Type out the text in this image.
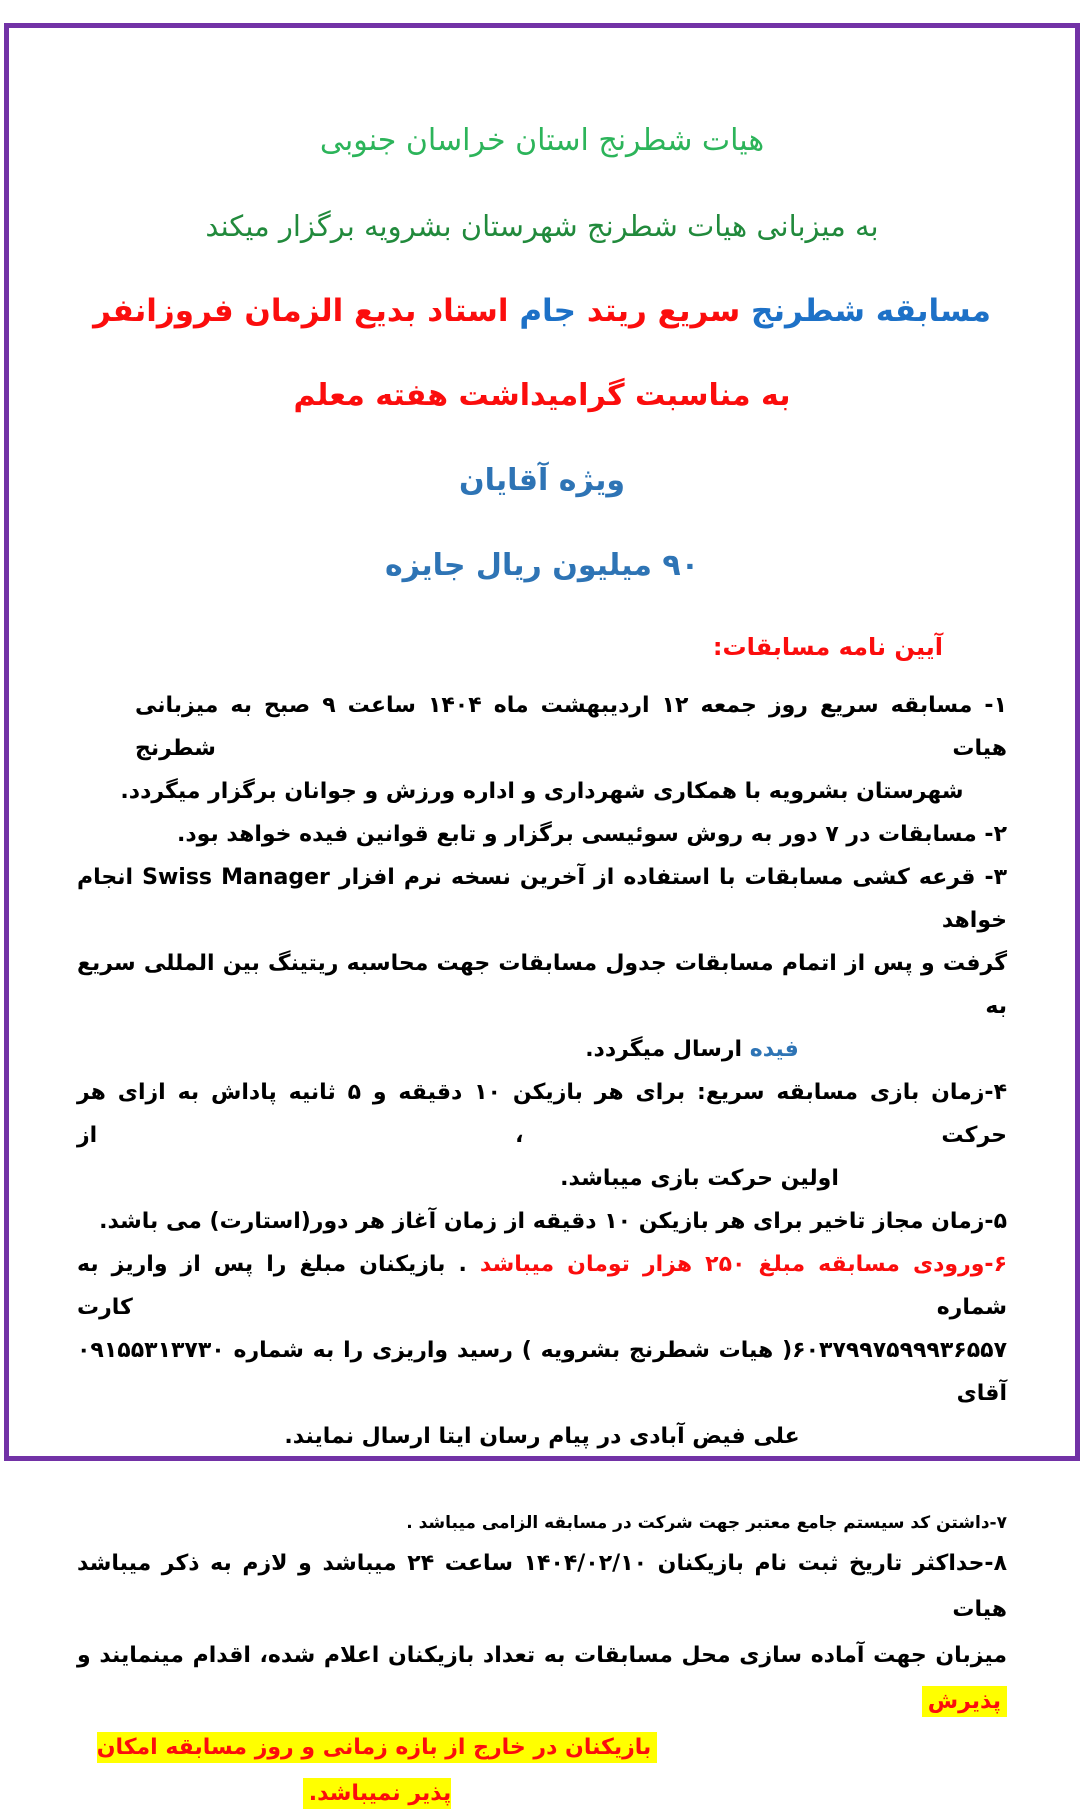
هیات شطرنج استان خراسان جنوبی
به میزبانی هیات شطرنج شهرستان بشرویه برگزار میکند
مسابقه شطرنج سریع ریتد جام استاد بدیع الزمان فروزانفر
به مناسبت گرامیداشت هفته معلم
ویژه آقایان
۹۰ میلیون ریال جایزه
آیین نامه مسابقات:
۱- مسابقه سریع روز جمعه ۱۲ اردیبهشت ماه ۱۴۰۴ ساعت ۹ صبح به میزبانی هیات شطرنج
شهرستان بشرویه با همکاری شهرداری و اداره ورزش و جوانان برگزار میگردد.
۲- مسابقات در ۷ دور به روش سوئیسی برگزار و تابع قوانین فیده خواهد بود.
۳- قرعه کشی مسابقات با استفاده از آخرین نسخه نرم افزار Swiss Manager انجام خواهد
گرفت و پس از اتمام مسابقات جدول مسابقات جهت محاسبه ریتینگ بین المللی سریع به
فیده ارسال میگردد.
۴-زمان بازی مسابقه سریع: برای هر بازیکن ۱۰ دقیقه و ۵ ثانیه پاداش به ازای هر حرکت ، از
اولین حرکت بازی میباشد.
۵-زمان مجاز تاخیر برای هر بازیکن ۱۰ دقیقه از زمان آغاز هر دور(استارت) می باشد.
۶-ورودی مسابقه مبلغ ۲۵۰ هزار تومان میباشد . بازیکنان مبلغ را پس از واریز به شماره کارت
۶۰۳۷۹۹۷۵۹۹۹۳۶۵۵۷( هیات شطرنج بشرویه ) رسید واریزی را به شماره ۰۹۱۵۵۳۱۳۷۳۰ آقای
علی فیض آبادی در پیام رسان ایتا ارسال نمایند.
۷-داشتن کد سیستم جامع معتبر جهت شرکت در مسابقه الزامی میباشد .
۸-حداکثر تاریخ ثبت نام بازیکنان ۱۴۰۴/۰۲/۱۰ ساعت ۲۴ میباشد و لازم به ذکر میباشد هیات
میزبان جهت آماده سازی محل مسابقات به تعداد بازیکنان اعلام شده، اقدام مینمایند و پذیرش
بازیکنان در خارج از بازه زمانی و روز مسابقه امکان پذیر نمیباشد.
